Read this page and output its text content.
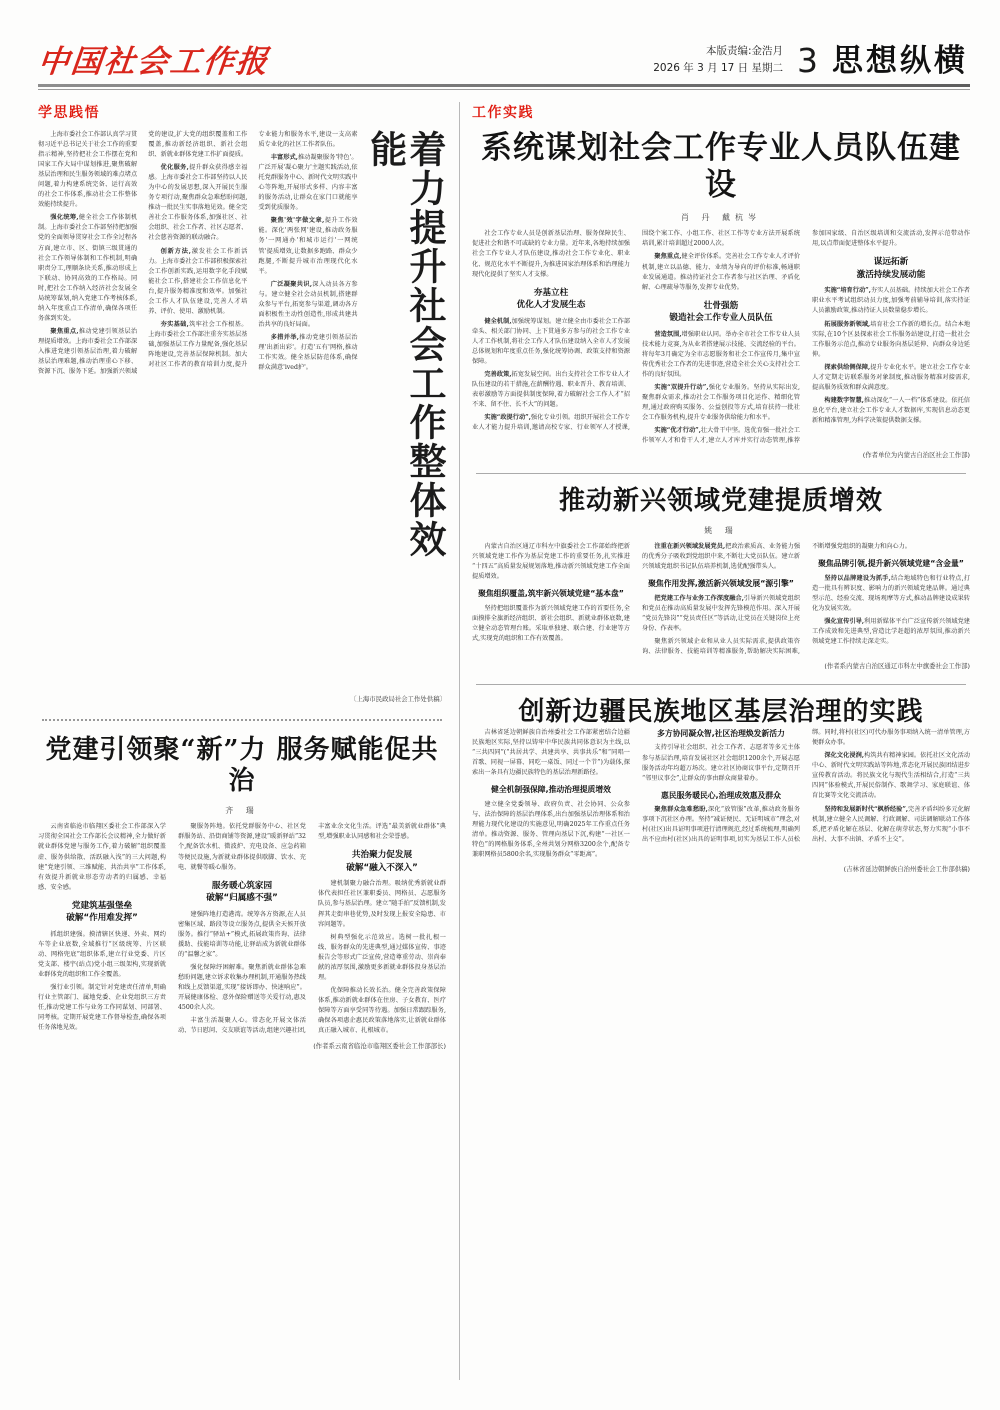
中国社会工作报	本版责编:金浩月
2026 年 3 月 17 日 星期二 3 思想纵横
学思践悟
着力提升社会工作整体效能

上海市委社会工作部认真学习贯彻习近平总书记关于社会工作的重要指示精神,坚持把社会工作摆在党和国家工作大局中谋划推进,聚焦破解基层治理和民生服务领域的难点堵点问题,着力构建系统完备、运行高效的社会工作体系,推动社会工作整体效能持续提升。

强化统筹,健全社会工作体制机制。上海市委社会工作部坚持把加强党的全面领导贯穿社会工作全过程各方面,建立市、区、街镇三级贯通的社会工作领导体制和工作机制,明确职责分工,理顺条块关系,推动形成上下联动、协同高效的工作格局。同时,把社会工作纳入经济社会发展全局统筹谋划,纳入党建工作考核体系,纳入年度重点工作清单,确保各项任务落到实处。

聚焦重点,推动党建引领基层治理提质增效。上海市委社会工作部深入推进党建引领基层治理,着力破解基层治理难题,推动治理重心下移、资源下沉、服务下延。加强新兴领域党的建设,扩大党的组织覆盖和工作覆盖,推动新经济组织、新社会组织、新就业群体党建工作扩面提质。

优化服务,提升群众获得感幸福感。上海市委社会工作部坚持以人民为中心的发展思想,深入开展民生服务专项行动,聚焦群众急难愁盼问题,推动一批民生实事落地见效。健全完善社会工作服务体系,加强社区、社会组织、社会工作者、社区志愿者、社会慈善资源的联动融合。

创新方法,激发社会工作新活力。上海市委社会工作部积极探索社会工作创新实践,运用数字化手段赋能社会工作,搭建社会工作信息化平台,提升服务精准度和效率。加强社会工作人才队伍建设,完善人才培养、评价、使用、激励机制。

夯实基础,筑牢社会工作根基。上海市委社会工作部注重夯实基层基础,加强基层工作力量配备,强化基层阵地建设,完善基层保障机制。加大对社区工作者的教育培训力度,提升专业能力和服务水平,建设一支高素质专业化的社区工作者队伍。

丰富形式,推动凝聚服务'特色'。广泛开展'凝心聚力'主题实践活动,依托党群服务中心、新时代文明实践中心等阵地,开展形式多样、内容丰富的服务活动,让群众在家门口就能享受到优质服务。

聚焦'效'字做文章,提升工作效能。深化'两张网'建设,推动政务服务'一网通办'和城市运行'一网统管'提质增效,让数据多跑路、群众少跑腿,不断提升城市治理现代化水平。

广泛凝聚共识,深入动员各方参与。建立健全社会动员机制,搭建群众参与平台,拓宽参与渠道,调动各方面积极性主动性创造性,形成共建共治共享的良好局面。

多措并举,推动党建引领基层治理'出新出彩'。打造'五有'网格,推动工作实效。健全基层防范体系,确保群众满意'ived护'。

〔上海市民政局社会工作处供稿〕
党建引领聚“新”力 服务赋能促共治
齐 瑞

云南省临沧市临翔区委社会工作部深入学习贯彻全国社会工作部长会议精神,全力做好新就业群体党建与服务工作,着力破解“组织覆盖虚、服务供给散、活跃融入浅”的三大问题,构建“党建引领、三维赋能、共治共享”工作体系,有效提升新就业形态劳动者的归属感、幸福感、安全感。

党建筑基强堡垒
破解“作用难发挥”

抓组织建强。摸清辖区快递、外卖、网约车等企业底数,全域推行“区级统筹、片区联动、网格兜底”组织体系,建立行业党委、片区党支部、楼宇(站点)党小组三级架构,实现新就业群体党的组织和工作全覆盖。

强行业引领。制定针对党建责任清单,明确行业主管部门、属地党委、企业党组织三方责任,推动党建工作与业务工作同谋划、同部署、同考核。定期开展党建工作督导检查,确保各项任务落地见效。

聚服务阵地。依托党群服务中心、社区党群服务站、沿街商铺等资源,建设“暖新驿站”32个,配备饮水机、微波炉、充电设备、应急药箱等便民设施,为新就业群体提供歇脚、饮水、充电、就餐等暖心服务。

服务暖心筑家园
破解“归属感不强”

建强阵地打造港湾。统筹各方资源,在人员密集区域、路段等设立服务点,提供全天候开放服务。推行“驿站+”模式,拓展政策咨询、法律援助、技能培训等功能,让驿站成为新就业群体的“温馨之家”。

强化保障纾困解难。聚焦新就业群体急难愁盼问题,建立诉求收集办理机制,开通服务热线和线上反馈渠道,实现“接诉即办、快速响应”。开展健康体检、意外保险赠送等关爱行动,惠及4500余人次。

丰富生活凝聚人心。常态化开展文体活动、节日慰问、交友联谊等活动,组建兴趣社团,丰富业余文化生活。评选“最美新就业群体”典型,增强职业认同感和社会荣誉感。

共治聚力促发展
破解“融入不深入”

建机制聚力融合治理。吸纳优秀新就业群体代表担任社区兼职委员、网格员、志愿服务队员,参与基层治理。建立“随手拍”反馈机制,发挥其走街串巷优势,及时发现上报安全隐患、市容问题等。

树典型强化示范效应。选树一批扎根一线、服务群众的先进典型,通过媒体宣传、事迹报告会等形式广泛宣传,营造尊重劳动、崇尚奉献的浓厚氛围,激励更多新就业群体投身基层治理。

优保障推动长效长治。健全完善政策保障体系,推动新就业群体在住房、子女教育、医疗保障等方面享受同等待遇。加强日常跟踪服务,确保各项惠企惠民政策落地落实,让新就业群体真正融入城市、扎根城市。

(作者系云南省临沧市临翔区委社会工作部部长)
工作实践
系统谋划社会工作专业人员队伍建设
肖 丹 戴杭岑

社会工作专业人员是创新基层治理、服务保障民生、促进社会和谐不可或缺的专业力量。近年来,各地持续加强社会工作专业人才队伍建设,推动社会工作专业化、职业化、规范化水平不断提升,为推进国家治理体系和治理能力现代化提供了坚实人才支撑。

夯基立柱
优化人才发展生态

健全机制,加强统筹谋划。建立健全由市委社会工作部牵头、相关部门协同、上下贯通多方参与的社会工作专业人才工作机制,将社会工作人才队伍建设纳入全市人才发展总体规划和年度重点任务,强化统筹协调、政策支持和资源保障。

完善政策,拓宽发展空间。出台支持社会工作专业人才队伍建设的若干措施,在薪酬待遇、职业晋升、教育培训、表彰激励等方面提供制度保障,着力破解社会工作人才“招不来、留不住、长不大”的问题。

实施“政提行动”,强化专业引领。组织开展社会工作专业人才能力提升培训,邀请高校专家、行业领军人才授课,围绕个案工作、小组工作、社区工作等专业方法开展系统培训,累计培训超过2000人次。

聚焦重点,健全评价体系。完善社会工作专业人才评价机制,建立以品德、能力、业绩为导向的评价标准,畅通职业发展通道。推动持证社会工作者参与社区治理、矛盾化解、心理疏导等服务,发挥专业优势。

壮骨强筋
锻造社会工作专业人员队伍

营造氛围,增强职业认同。举办全市社会工作专业人员技术能力竞赛,为从业者搭建展示技能、交流经验的平台。将每年3月确定为全市志愿服务和社会工作宣传月,集中宣传优秀社会工作者的先进事迹,营造全社会关心支持社会工作的良好氛围。

实施“双提升行动”,强化专业服务。坚持从实际出发,聚焦群众需求,推动社会工作服务项目化运作、精细化管理,通过政府购买服务、公益创投等方式,培育扶持一批社会工作服务机构,提升专业服务供给能力和水平。

实施“优才行动”,壮大骨干中坚。选优育强一批社会工作领军人才和骨干人才,建立人才库并实行动态管理,推荐参加国家级、自治区级培训和交流活动,发挥示范带动作用,以点带面促进整体水平提升。

谋远拓新
激活持续发展动能

实施“培育行动”,夯实人员基础。持续加大社会工作者职业水平考试组织动员力度,加强考前辅导培训,落实持证人员激励政策,推动持证人员数量稳步增长。

拓展服务新领域,培育社会工作新的增长点。结合本地实际,在10个区县探索社会工作服务站建设,打造一批社会工作服务示范点,推动专业服务向基层延伸、向群众身边延伸。

探索供给侧保障,提升专业化水平。建立社会工作专业人才定期走访联系服务对象制度,推动服务精准对接需求,提高服务质效和群众满意度。

构建数字智慧,推动深化“一人一档”体系建设。依托信息化平台,建立社会工作专业人才数据库,实现信息动态更新和精准管理,为科学决策提供数据支撑。

(作者单位为内蒙古自治区社会工作部)
推动新兴领域党建提质增效
姚 瑞

内蒙古自治区通辽市科左中旗委社会工作部始终把新兴领域党建工作作为基层党建工作的重要任务,扎实推进“十四五”高质量发展规划落地,推动新兴领域党建工作全面提质增效。

聚焦组织覆盖,筑牢新兴领域党建“基本盘”

坚持把组织覆盖作为新兴领域党建工作的首要任务,全面摸排全旗新经济组织、新社会组织、新就业群体底数,建立健全动态管理台账。采取单独建、联合建、行业建等方式,实现党的组织和工作有效覆盖。

注重在新兴领域发展党员,把政治素质高、业务能力强的优秀分子吸收到党组织中来,不断壮大党员队伍。建立新兴领域党组织书记队伍培养机制,选优配强带头人。

聚焦作用发挥,激活新兴领域发展“源引擎”

把党建工作与业务工作深度融合,引导新兴领域党组织和党员在推动高质量发展中发挥先锋模范作用。深入开展“党员先锋岗”“党员责任区”等活动,让党员在关键岗位上亮身份、作表率。

聚焦新兴领域企业和从业人员实际需求,提供政策咨询、法律服务、技能培训等精准服务,帮助解决实际困难,不断增强党组织的凝聚力和向心力。

聚焦品牌引领,提升新兴领域党建“含金量”

坚持以品牌建设为抓手,结合地域特色和行业特点,打造一批具有辨识度、影响力的新兴领域党建品牌。通过典型示范、经验交流、现场观摩等方式,推动品牌建设成果转化为发展实效。

强化宣传引导,利用新媒体平台广泛宣传新兴领域党建工作成效和先进典型,营造比学赶超的浓厚氛围,推动新兴领域党建工作持续走深走实。

(作者系内蒙古自治区通辽市科左中旗委社会工作部)
创新边疆民族地区基层治理的实践

吉林省延边朝鲜族自治州委社会工作部紧密结合边疆民族地区实际,坚持以铸牢中华民族共同体意识为主线,以“三共四同”(“共居共学、共建共享、共事共乐”和“同唱一首歌、同视一屏幕、同吃一桌饭、同过一个节”)为载体,探索出一条具有边疆民族特色的基层治理新路径。

健全机制强保障,推动治理提质增效

建立健全党委领导、政府负责、社会协同、公众参与、法治保障的基层治理体系,出台加强基层治理体系和治理能力现代化建设的实施意见,明确2025年工作重点任务清单。推动资源、服务、管理向基层下沉,构建“一社区一特色”的网格服务体系,全州共划分网格3200余个,配备专兼职网格员5800余名,实现服务群众“零距离”。

多方协同凝众智,社区治理焕发新活力

支持引导社会组织、社会工作者、志愿者等多元主体参与基层治理,培育发展社区社会组织1200余个,开展志愿服务活动年均超万场次。建立社区协商议事平台,定期召开“邻里议事会”,让群众的事由群众商量着办。

惠民服务暖民心,治理成效惠及群众

聚焦群众急难愁盼,深化“放管服”改革,推动政务服务事项下沉社区办理。坚持“减证便民、无证明城市”理念,对村(社区)出具证明事项进行清理规范,经过系统梳理,明确列出不应由村(社区)出具的证明事项,切实为基层工作人员松绑。同时,将村(社区)可代办服务事项纳入统一清单管理,方便群众办事。

深化文化浸润,构筑共有精神家园。依托社区文化活动中心、新时代文明实践站等阵地,常态化开展民族团结进步宣传教育活动。将民族文化与现代生活相结合,打造“三共四同”体验模式,开展民俗制作、歌舞学习、家庭联谊、体育比赛等文化交流活动。

坚持和发展新时代“枫桥经验”,完善矛盾纠纷多元化解机制,建立健全人民调解、行政调解、司法调解联动工作体系,把矛盾化解在基层、化解在萌芽状态,努力实现“小事不出村、大事不出镇、矛盾不上交”。

(吉林省延边朝鲜族自治州委社会工作部供稿)
